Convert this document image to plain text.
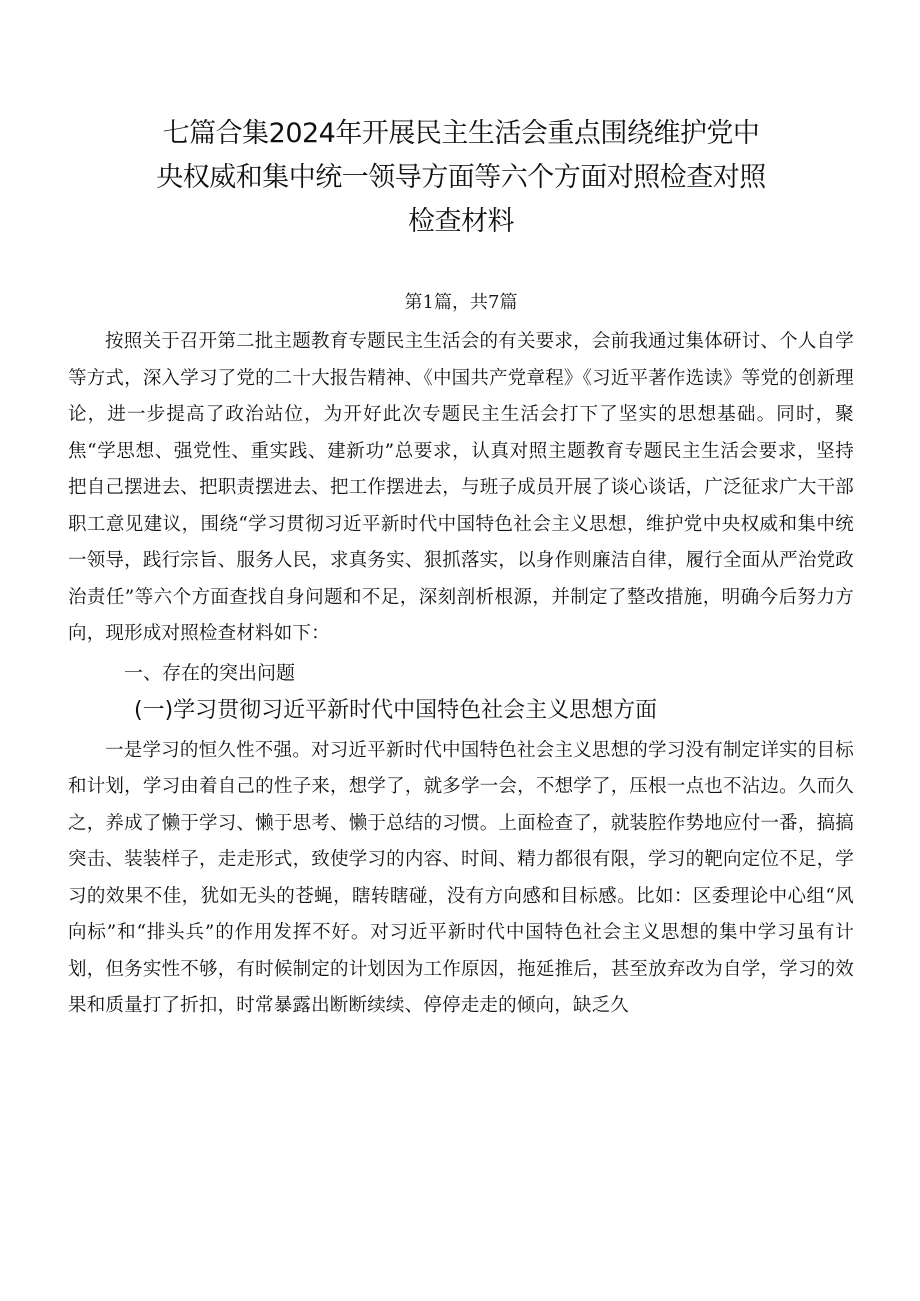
七篇合集2024年开展民主生活会重点围绕维护党中
央权威和集中统一领导方面等六个方面对照检查对照
检查材料

第1篇，共7篇

按照关于召开第二批主题教育专题民主生活会的有关要求，会前我通过集体研讨、个人自学等方式，深入学习了党的二十大报告精神、《中国共产党章程》《习近平著作选读》等党的创新理论，进一步提高了政治站位，为开好此次专题民主生活会打下了坚实的思想基础。同时，聚焦“学思想、强党性、重实践、建新功”总要求，认真对照主题教育专题民主生活会要求，坚持把自己摆进去、把职责摆进去、把工作摆进去，与班子成员开展了谈心谈话，广泛征求广大干部职工意见建议，围绕“学习贯彻习近平新时代中国特色社会主义思想，维护党中央权威和集中统一领导，践行宗旨、服务人民，求真务实、狠抓落实，以身作则廉洁自律，履行全面从严治党政治责任”等六个方面查找自身问题和不足，深刻剖析根源，并制定了整改措施，明确今后努力方向，现形成对照检查材料如下：

一、存在的突出问题
(一)学习贯彻习近平新时代中国特色社会主义思想方面

一是学习的恒久性不强。对习近平新时代中国特色社会主义思想的学习没有制定详实的目标和计划，学习由着自己的性子来，想学了，就多学一会，不想学了，压根一点也不沾边。久而久之，养成了懒于学习、懒于思考、懒于总结的习惯。上面检查了，就装腔作势地应付一番，搞搞突击、装装样子，走走形式，致使学习的内容、时间、精力都很有限，学习的靶向定位不足，学习的效果不佳，犹如无头的苍蝇，瞎转瞎碰，没有方向感和目标感。比如：区委理论中心组“风向标”和“排头兵”的作用发挥不好。对习近平新时代中国特色社会主义思想的集中学习虽有计划，但务实性不够，有时候制定的计划因为工作原因，拖延推后，甚至放弃改为自学，学习的效果和质量打了折扣，时常暴露出断断续续、停停走走的倾向，缺乏久
